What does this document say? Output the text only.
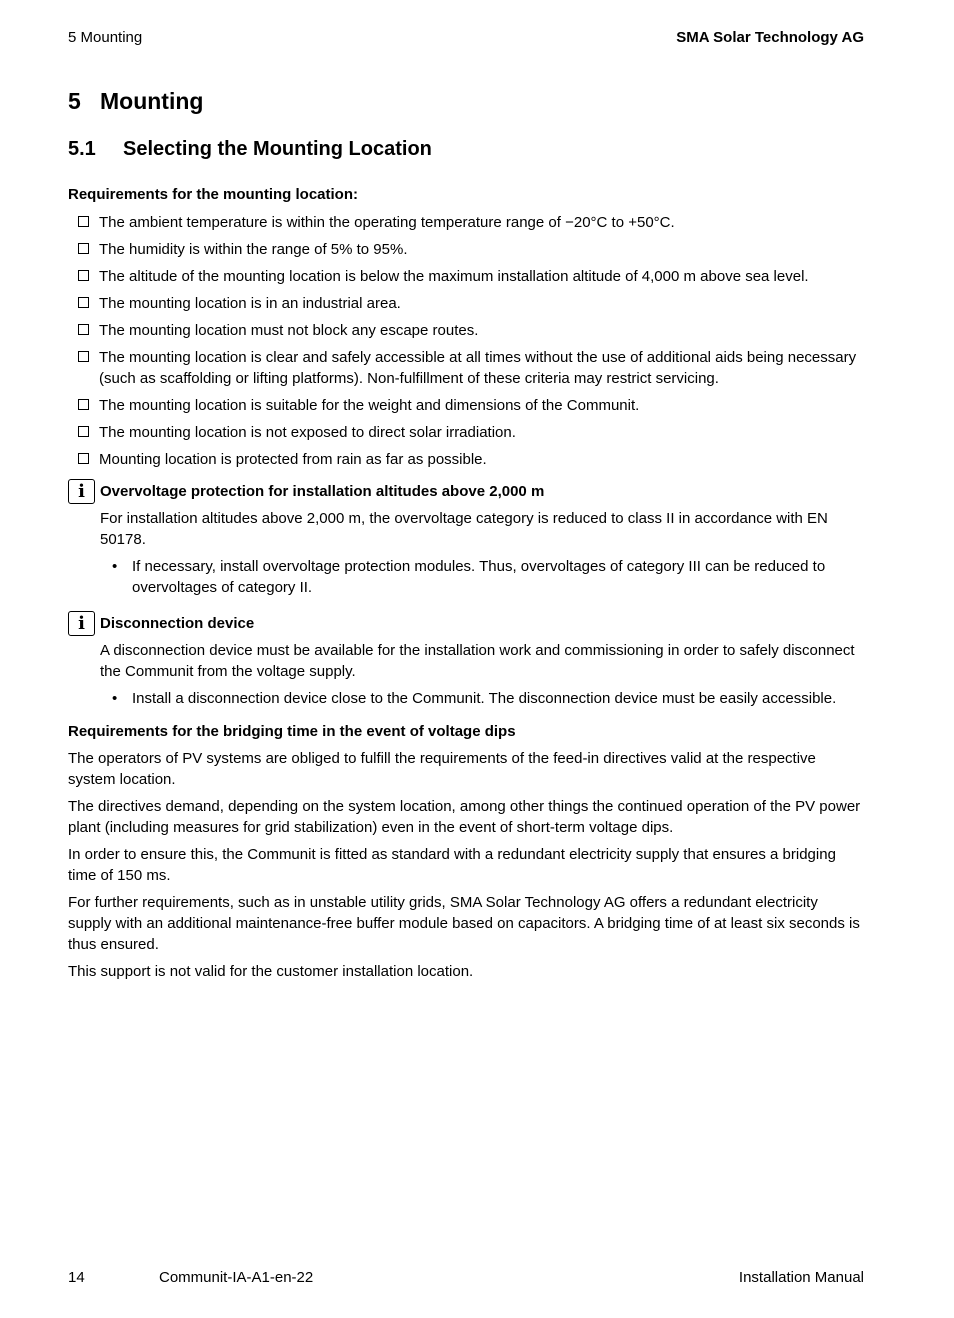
5 Mounting	SMA Solar Technology AG
5 Mounting
5.1 Selecting the Mounting Location
Requirements for the mounting location:
The ambient temperature is within the operating temperature range of −20°C to +50°C.
The humidity is within the range of 5% to 95%.
The altitude of the mounting location is below the maximum installation altitude of 4,000 m above sea level.
The mounting location is in an industrial area.
The mounting location must not block any escape routes.
The mounting location is clear and safely accessible at all times without the use of additional aids being necessary (such as scaffolding or lifting platforms). Non-fulfillment of these criteria may restrict servicing.
The mounting location is suitable for the weight and dimensions of the Communit.
The mounting location is not exposed to direct solar irradiation.
Mounting location is protected from rain as far as possible.
i	Overvoltage protection for installation altitudes above 2,000 m
For installation altitudes above 2,000 m, the overvoltage category is reduced to class II in accordance with EN 50178.
• If necessary, install overvoltage protection modules. Thus, overvoltages of category III can be reduced to overvoltages of category II.
i	Disconnection device
A disconnection device must be available for the installation work and commissioning in order to safely disconnect the Communit from the voltage supply.
• Install a disconnection device close to the Communit. The disconnection device must be easily accessible.
Requirements for the bridging time in the event of voltage dips

The operators of PV systems are obliged to fulfill the requirements of the feed-in directives valid at the respective system location.

The directives demand, depending on the system location, among other things the continued operation of the PV power plant (including measures for grid stabilization) even in the event of short-term voltage dips.

In order to ensure this, the Communit is fitted as standard with a redundant electricity supply that ensures a bridging time of 150 ms.

For further requirements, such as in unstable utility grids, SMA Solar Technology AG offers a redundant electricity supply with an additional maintenance-free buffer module based on capacitors. A bridging time of at least six seconds is thus ensured.

This support is not valid for the customer installation location.

14	Communit-IA-A1-en-22	Installation Manual
